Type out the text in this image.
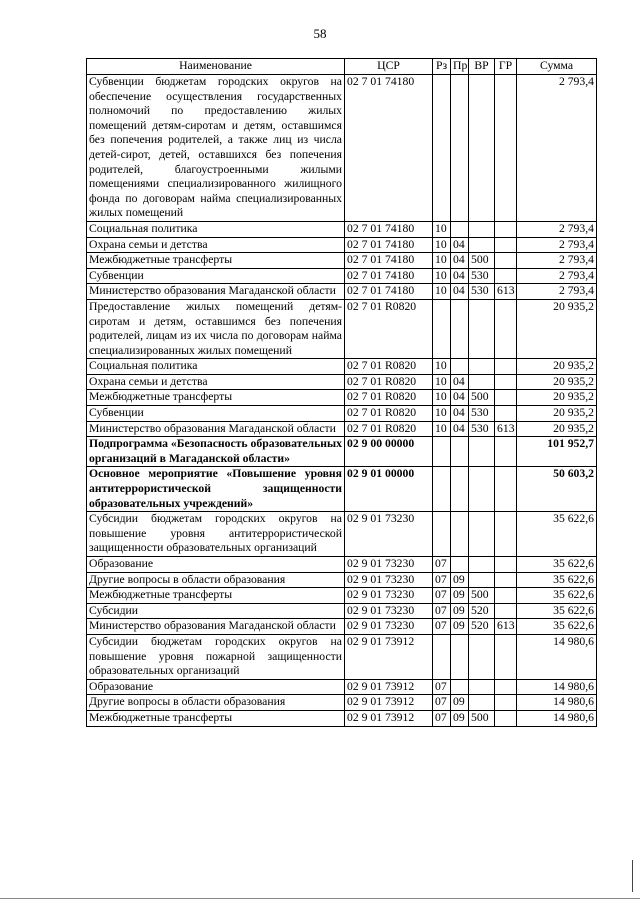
58
Наименование	ЦСР	Рз	Пр	ВР	ГР	Сумма
Субвенции бюджетам городских округов на обеспечение осуществления государственных полномочий по предоставлению жилых помещений детям-сиротам и детям, оставшимся без попечения родителей, а также лиц из числа детей-сирот, детей, оставшихся без попечения родителей, благоустроенными жилыми помещениями специализированного жилищного фонда по договорам найма специализированных жилых помещений	02 7 01 74180					2 793,4
Социальная политика	02 7 01 74180	10				2 793,4
Охрана семьи и детства	02 7 01 74180	10	04			2 793,4
Межбюджетные трансферты	02 7 01 74180	10	04	500		2 793,4
Субвенции	02 7 01 74180	10	04	530		2 793,4
Министерство образования Магаданской области	02 7 01 74180	10	04	530	613	2 793,4
Предоставление жилых помещений детям-сиротам и детям, оставшимся без попечения родителей, лицам из их числа по договорам найма специализированных жилых помещений	02 7 01 R0820					20 935,2
Социальная политика	02 7 01 R0820	10				20 935,2
Охрана семьи и детства	02 7 01 R0820	10	04			20 935,2
Межбюджетные трансферты	02 7 01 R0820	10	04	500		20 935,2
Субвенции	02 7 01 R0820	10	04	530		20 935,2
Министерство образования Магаданской области	02 7 01 R0820	10	04	530	613	20 935,2
Подпрограмма «Безопасность образовательных организаций в Магаданской области»	02 9 00 00000					101 952,7
Основное мероприятие «Повышение уровня антитеррористической защищенности образовательных учреждений»	02 9 01 00000					50 603,2
Субсидии бюджетам городских округов на повышение уровня антитеррористической защищенности образовательных организаций	02 9 01 73230					35 622,6
Образование	02 9 01 73230	07				35 622,6
Другие вопросы в области образования	02 9 01 73230	07	09			35 622,6
Межбюджетные трансферты	02 9 01 73230	07	09	500		35 622,6
Субсидии	02 9 01 73230	07	09	520		35 622,6
Министерство образования Магаданской области	02 9 01 73230	07	09	520	613	35 622,6
Субсидии бюджетам городских округов на повышение уровня пожарной защищенности образовательных организаций	02 9 01 73912					14 980,6
Образование	02 9 01 73912	07				14 980,6
Другие вопросы в области образования	02 9 01 73912	07	09			14 980,6
Межбюджетные трансферты	02 9 01 73912	07	09	500		14 980,6
